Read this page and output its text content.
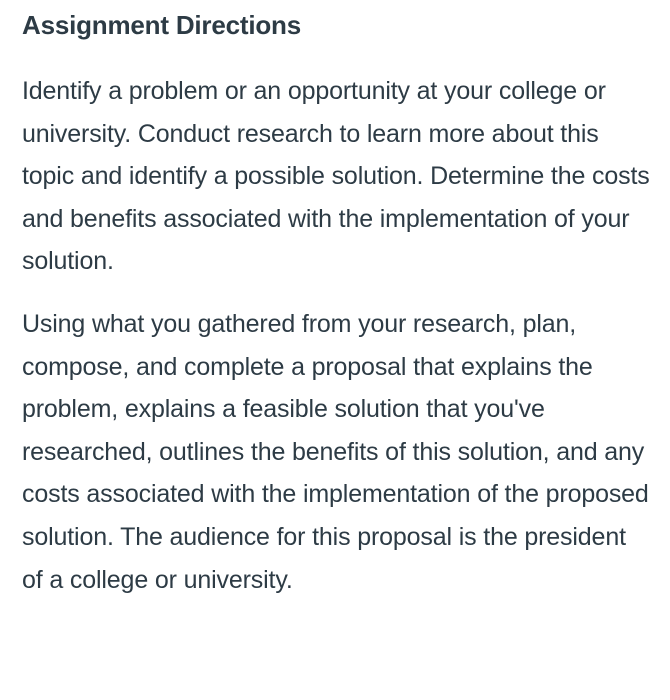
Assignment Directions

Identify a problem or an opportunity at your college or university. Conduct research to learn more about this topic and identify a possible solution. Determine the costs and benefits associated with the implementation of your solution.

Using what you gathered from your research, plan, compose, and complete a proposal that explains the problem, explains a feasible solution that you've researched, outlines the benefits of this solution, and any costs associated with the implementation of the proposed solution. The audience for this proposal is the president of a college or university.
